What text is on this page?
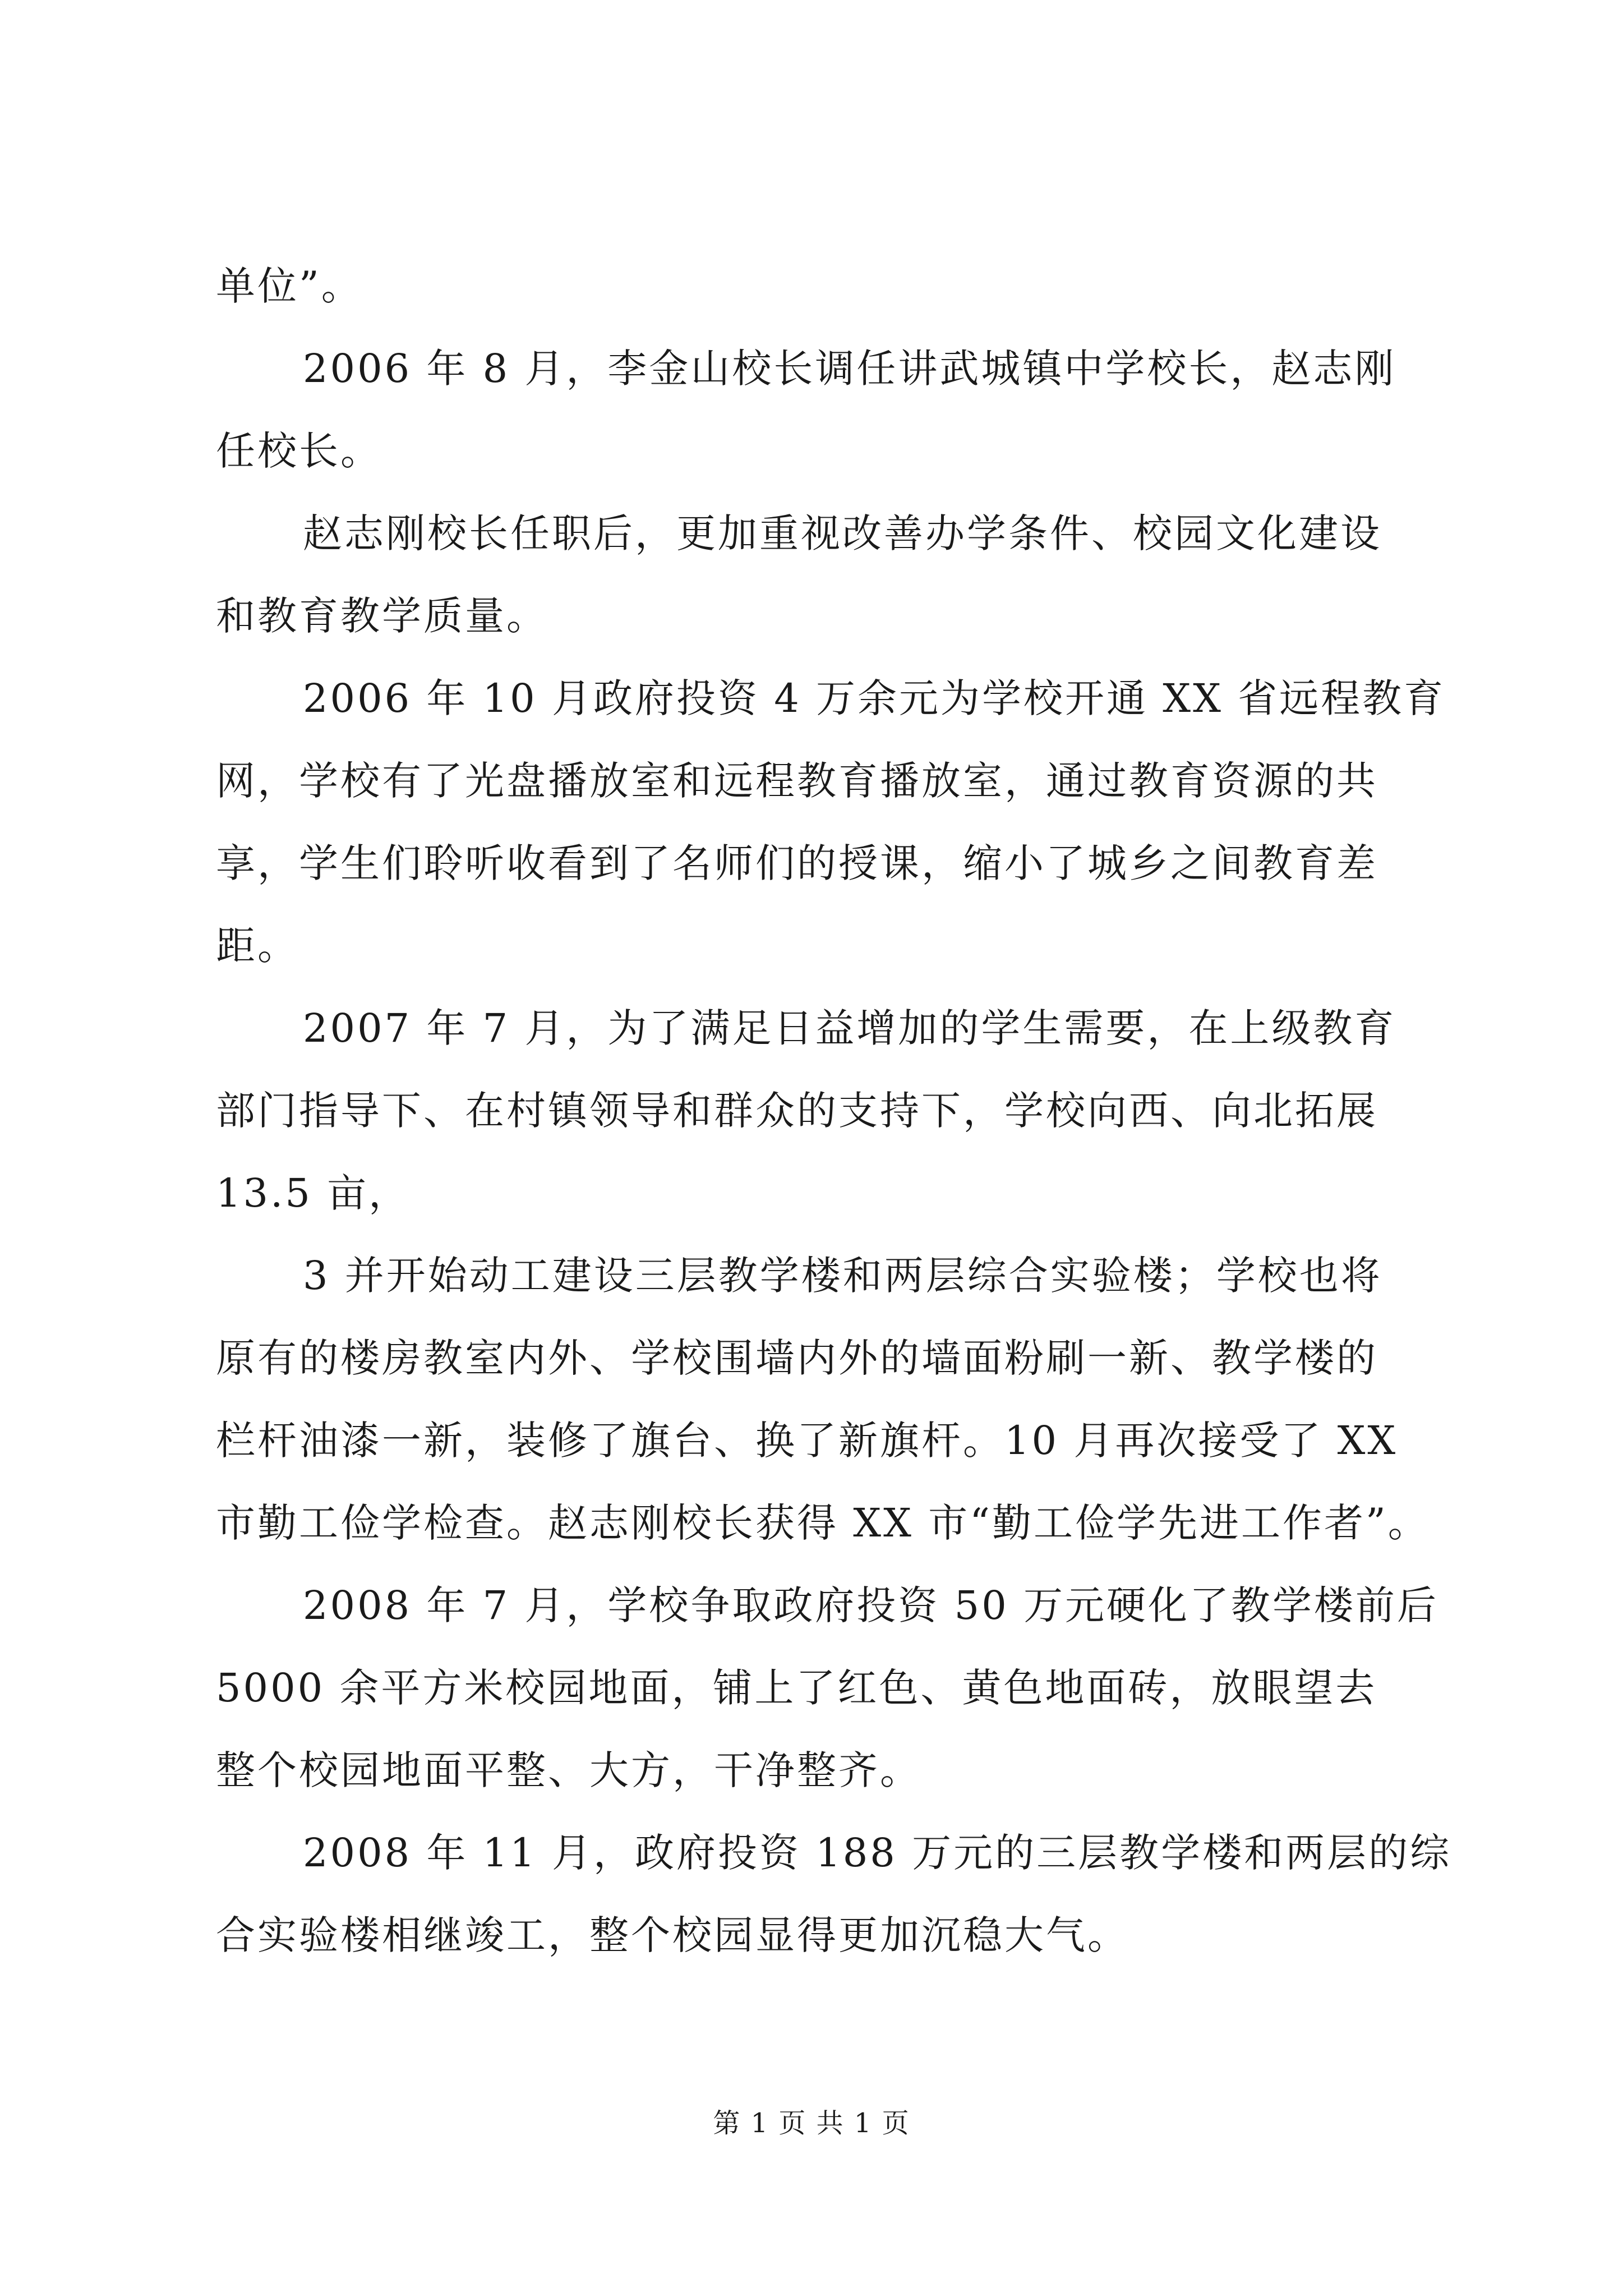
单位”。
2006 年 8 月，李金山校长调任讲武城镇中学校长，赵志刚
任校长。
赵志刚校长任职后，更加重视改善办学条件、校园文化建设
和教育教学质量。
2006 年 10 月政府投资 4 万余元为学校开通 XX 省远程教育
网，学校有了光盘播放室和远程教育播放室，通过教育资源的共
享，学生们聆听收看到了名师们的授课，缩小了城乡之间教育差
距。
2007 年 7 月，为了满足日益增加的学生需要，在上级教育
部门指导下、在村镇领导和群众的支持下，学校向西、向北拓展
13.5 亩，
3 并开始动工建设三层教学楼和两层综合实验楼；学校也将
原有的楼房教室内外、学校围墙内外的墙面粉刷一新、教学楼的
栏杆油漆一新，装修了旗台、换了新旗杆。10 月再次接受了 XX
市勤工俭学检查。赵志刚校长获得 XX 市“勤工俭学先进工作者”。
2008 年 7 月，学校争取政府投资 50 万元硬化了教学楼前后
5000 余平方米校园地面，铺上了红色、黄色地面砖，放眼望去
整个校园地面平整、大方，干净整齐。
2008 年 11 月，政府投资 188 万元的三层教学楼和两层的综
合实验楼相继竣工，整个校园显得更加沉稳大气。
第 1 页 共 1 页
